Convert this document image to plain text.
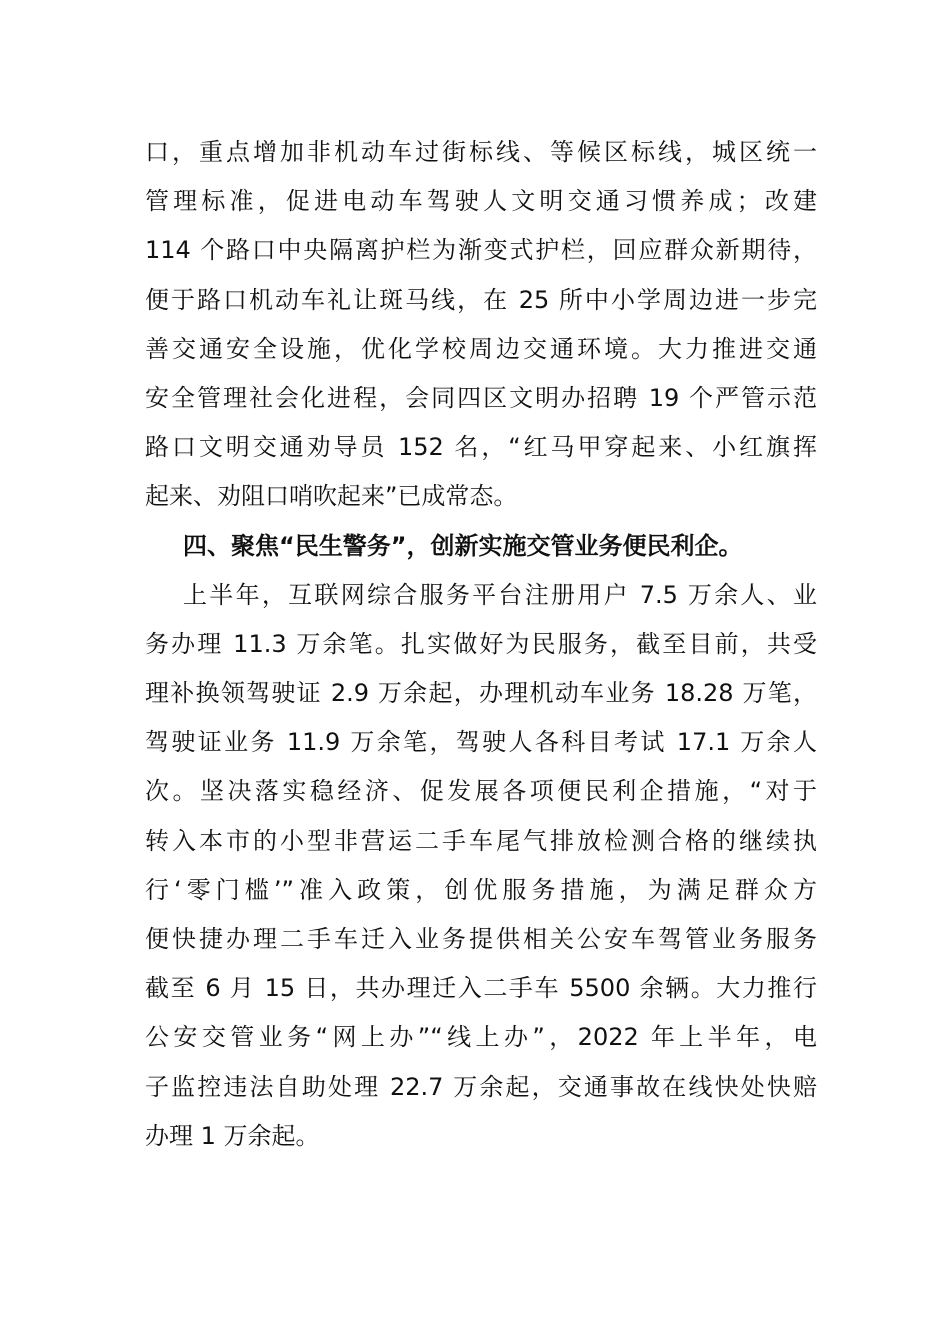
口，重点增加非机动车过街标线、等候区标线，城区统一
管理标准，促进电动车驾驶人文明交通习惯养成；改建
114 个路口中央隔离护栏为渐变式护栏，回应群众新期待，
便于路口机动车礼让斑马线，在 25 所中小学周边进一步完
善交通安全设施，优化学校周边交通环境。大力推进交通
安全管理社会化进程，会同四区文明办招聘 19 个严管示范
路口文明交通劝导员 152 名，“红马甲穿起来、小红旗挥
起来、劝阻口哨吹起来”已成常态。
四、聚焦“民生警务”，创新实施交管业务便民利企。
上半年，互联网综合服务平台注册用户 7.5 万余人、业
务办理 11.3 万余笔。扎实做好为民服务，截至目前，共受
理补换领驾驶证 2.9 万余起，办理机动车业务 18.28 万笔，
驾驶证业务 11.9 万余笔，驾驶人各科目考试 17.1 万余人
次。坚决落实稳经济、促发展各项便民利企措施，“对于
转入本市的小型非营运二手车尾气排放检测合格的继续执
行‘零门槛’”准入政策，创优服务措施，为满足群众方
便快捷办理二手车迁入业务提供相关公安车驾管业务服务
截至 6 月 15 日，共办理迁入二手车 5500 余辆。大力推行
公安交管业务“网上办”“线上办”，2022 年上半年，电
子监控违法自助处理 22.7 万余起，交通事故在线快处快赔
办理 1 万余起。
